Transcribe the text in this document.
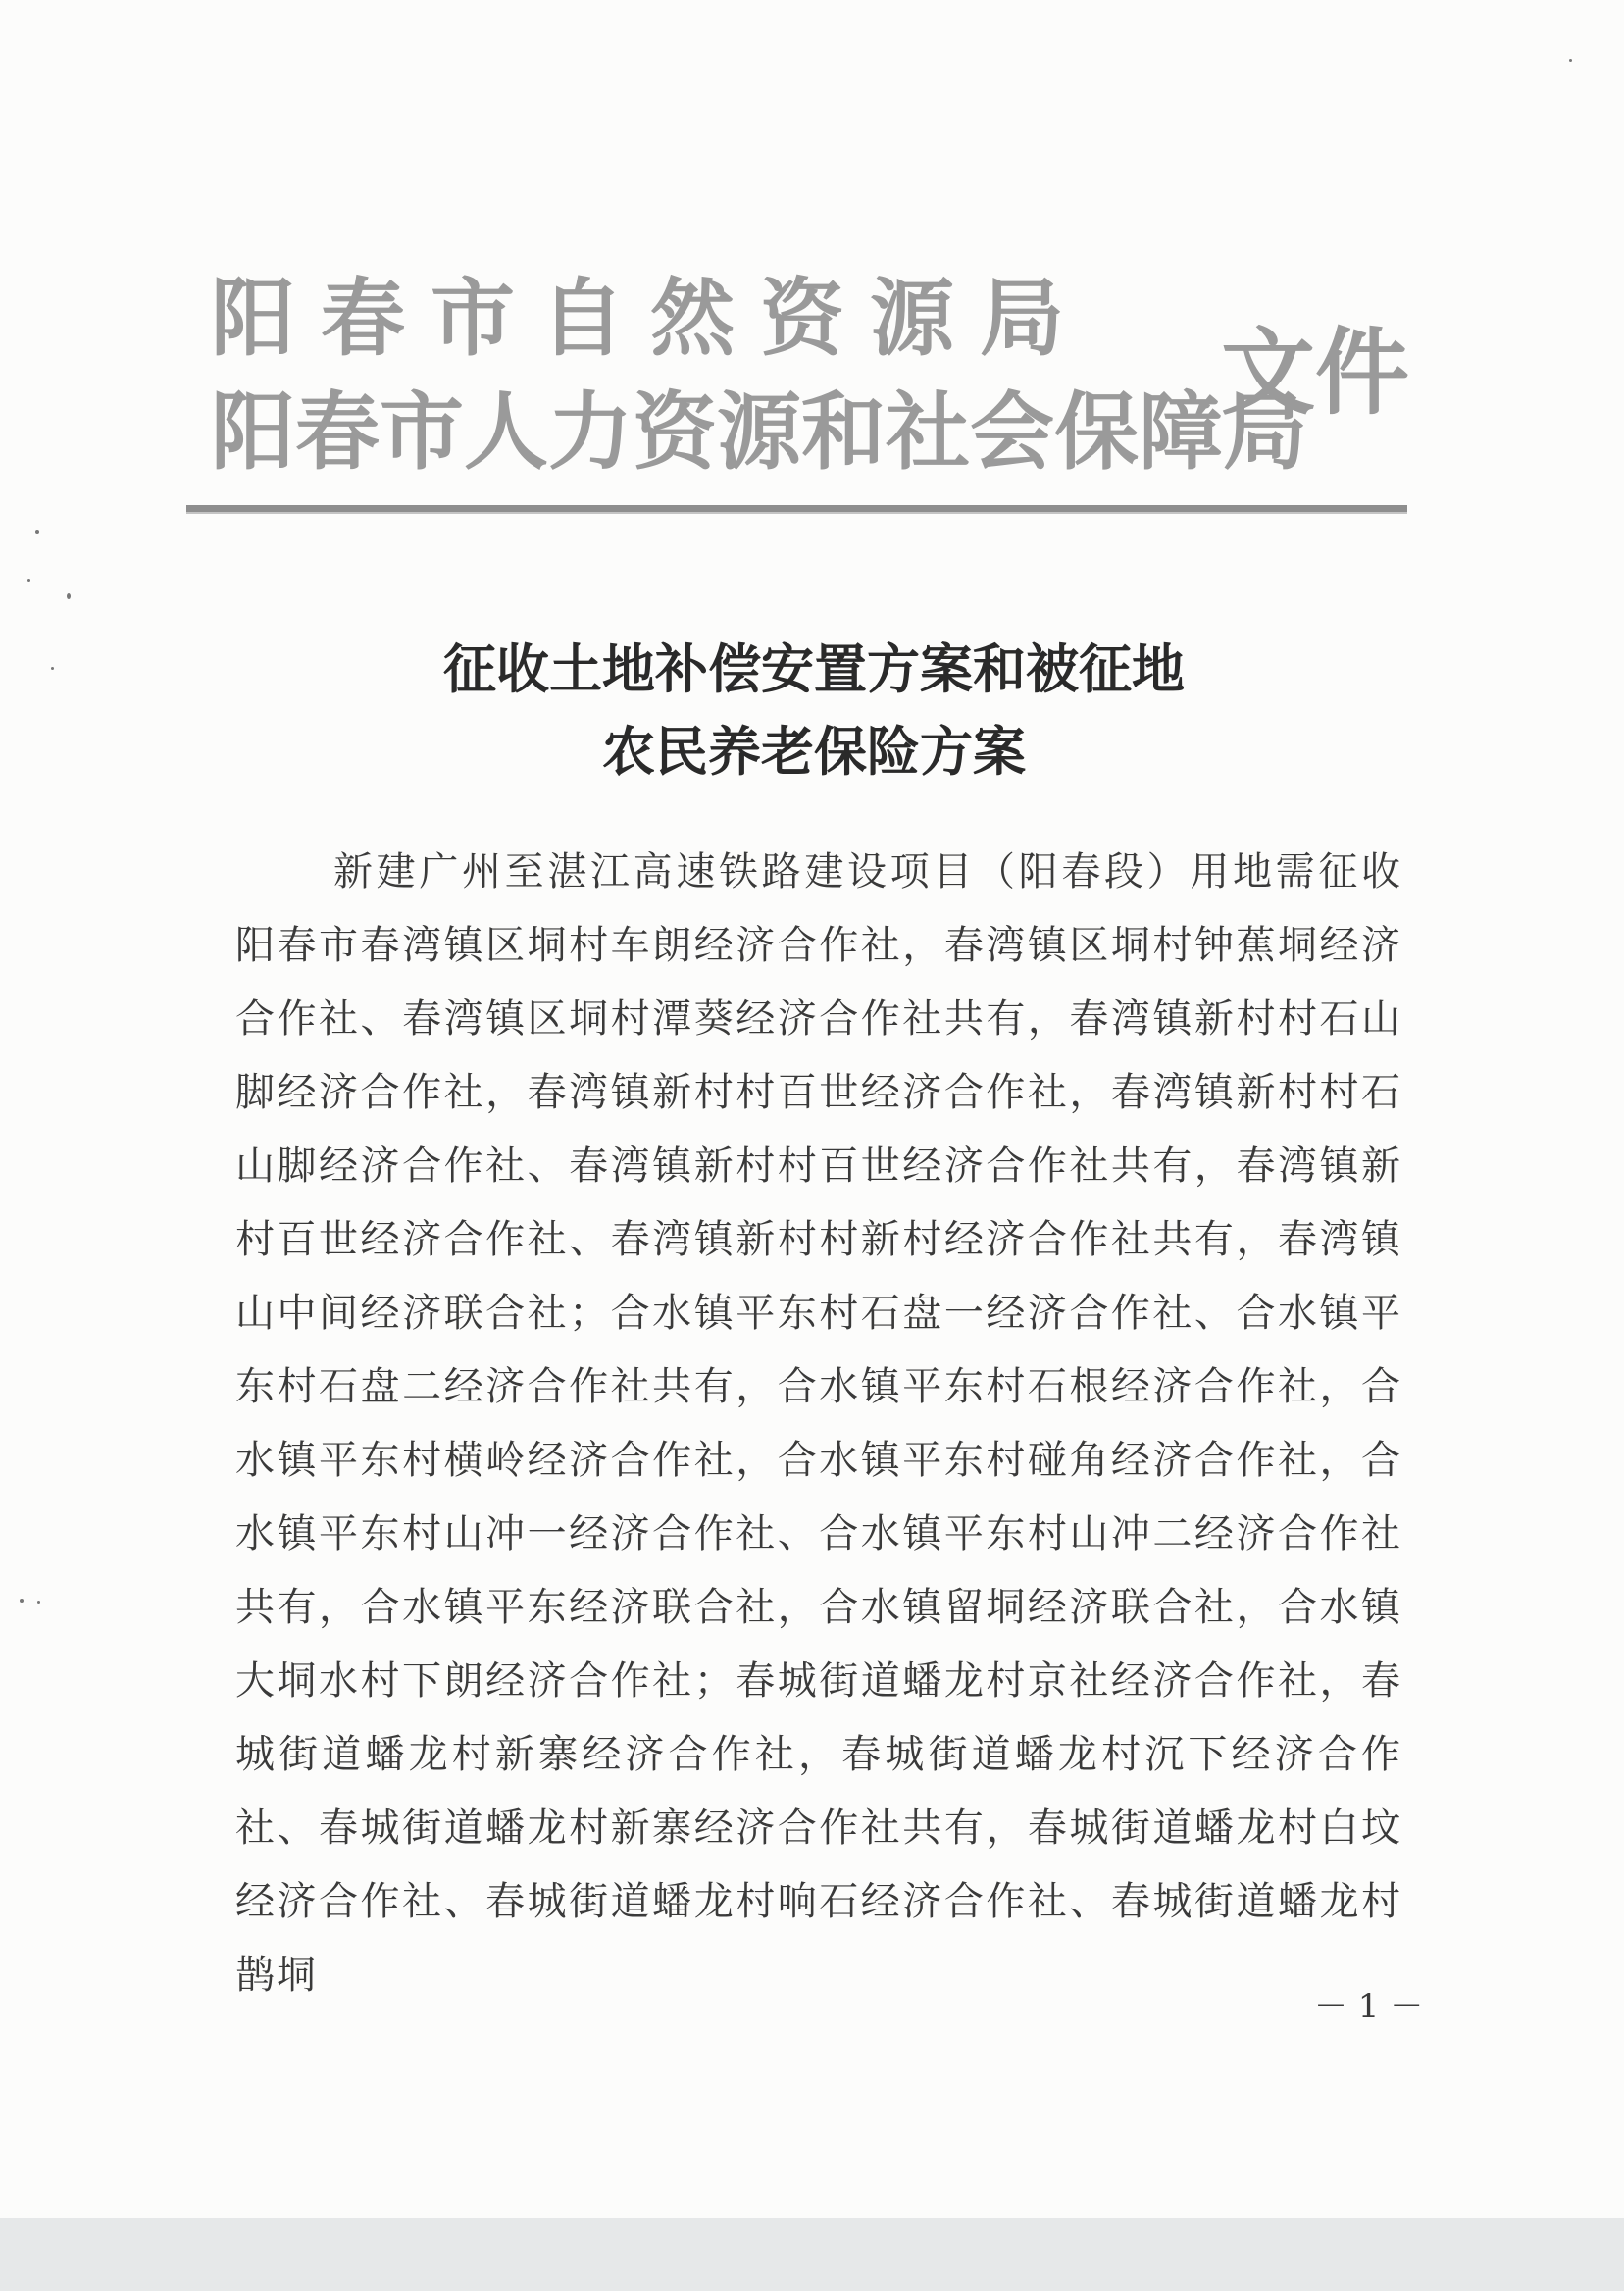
阳春市自然资源局
阳春市人力资源和社会保障局
文件
征收土地补偿安置方案和被征地
农民养老保险方案
新建广州至湛江高速铁路建设项目（阳春段）用地需征收阳春市春湾镇区垌村车朗经济合作社，春湾镇区垌村钟蕉垌经济合作社、春湾镇区垌村潭葵经济合作社共有，春湾镇新村村石山脚经济合作社，春湾镇新村村百世经济合作社，春湾镇新村村石山脚经济合作社、春湾镇新村村百世经济合作社共有，春湾镇新村百世经济合作社、春湾镇新村村新村经济合作社共有，春湾镇山中间经济联合社；合水镇平东村石盘一经济合作社、合水镇平东村石盘二经济合作社共有，合水镇平东村石根经济合作社，合水镇平东村横岭经济合作社，合水镇平东村碰角经济合作社，合水镇平东村山冲一经济合作社、合水镇平东村山冲二经济合作社共有，合水镇平东经济联合社，合水镇留垌经济联合社，合水镇大垌水村下朗经济合作社；春城街道蟠龙村京社经济合作社，春城街道蟠龙村新寨经济合作社，春城街道蟠龙村沉下经济合作社、春城街道蟠龙村新寨经济合作社共有，春城街道蟠龙村白坟经济合作社、春城街道蟠龙村响石经济合作社、春城街道蟠龙村鹊垌
－ 1 －
